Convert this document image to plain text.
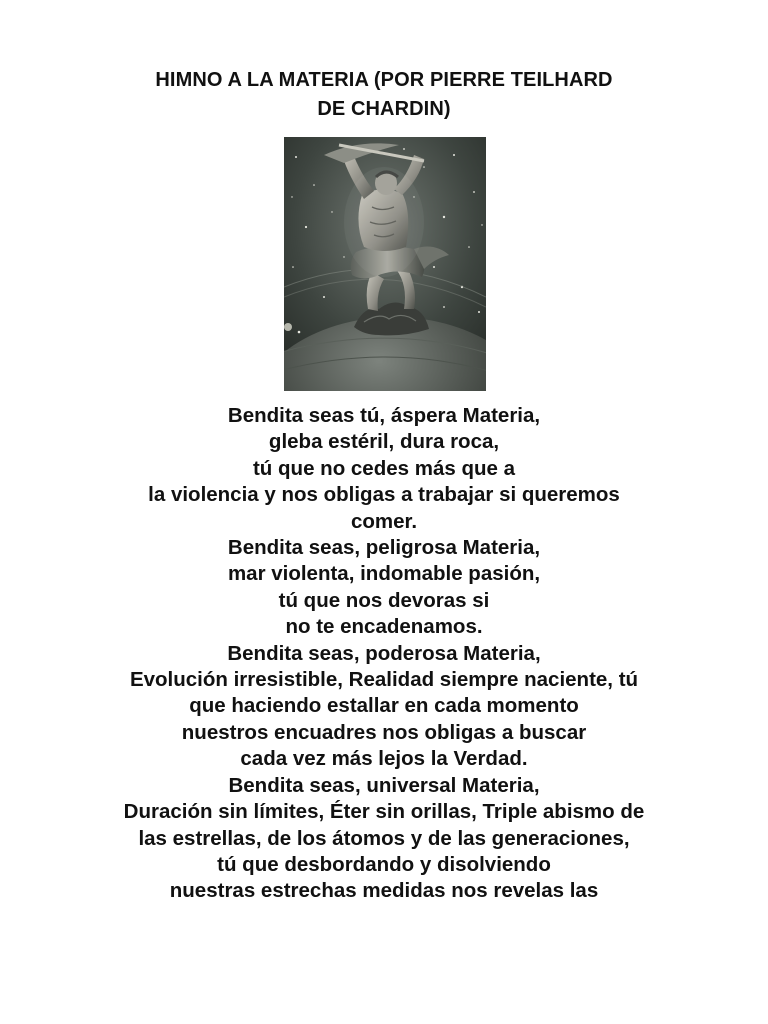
HIMNO A LA MATERIA (POR PIERRE TEILHARD
DE CHARDIN)
Bendita seas tú, áspera Materia,
gleba estéril, dura roca,
tú que no cedes más que a
la violencia y nos obligas a trabajar si queremos
comer.
Bendita seas, peligrosa Materia,
mar violenta, indomable pasión,
tú que nos devoras si
no te encadenamos.
Bendita seas, poderosa Materia,
Evolución irresistible, Realidad siempre naciente, tú
que haciendo estallar en cada momento
nuestros encuadres nos obligas a buscar
cada vez más lejos la Verdad.
Bendita seas, universal Materia,
Duración sin límites, Éter sin orillas, Triple abismo de
las estrellas, de los átomos y de las generaciones,
tú que desbordando y disolviendo
nuestras estrechas medidas nos revelas las
